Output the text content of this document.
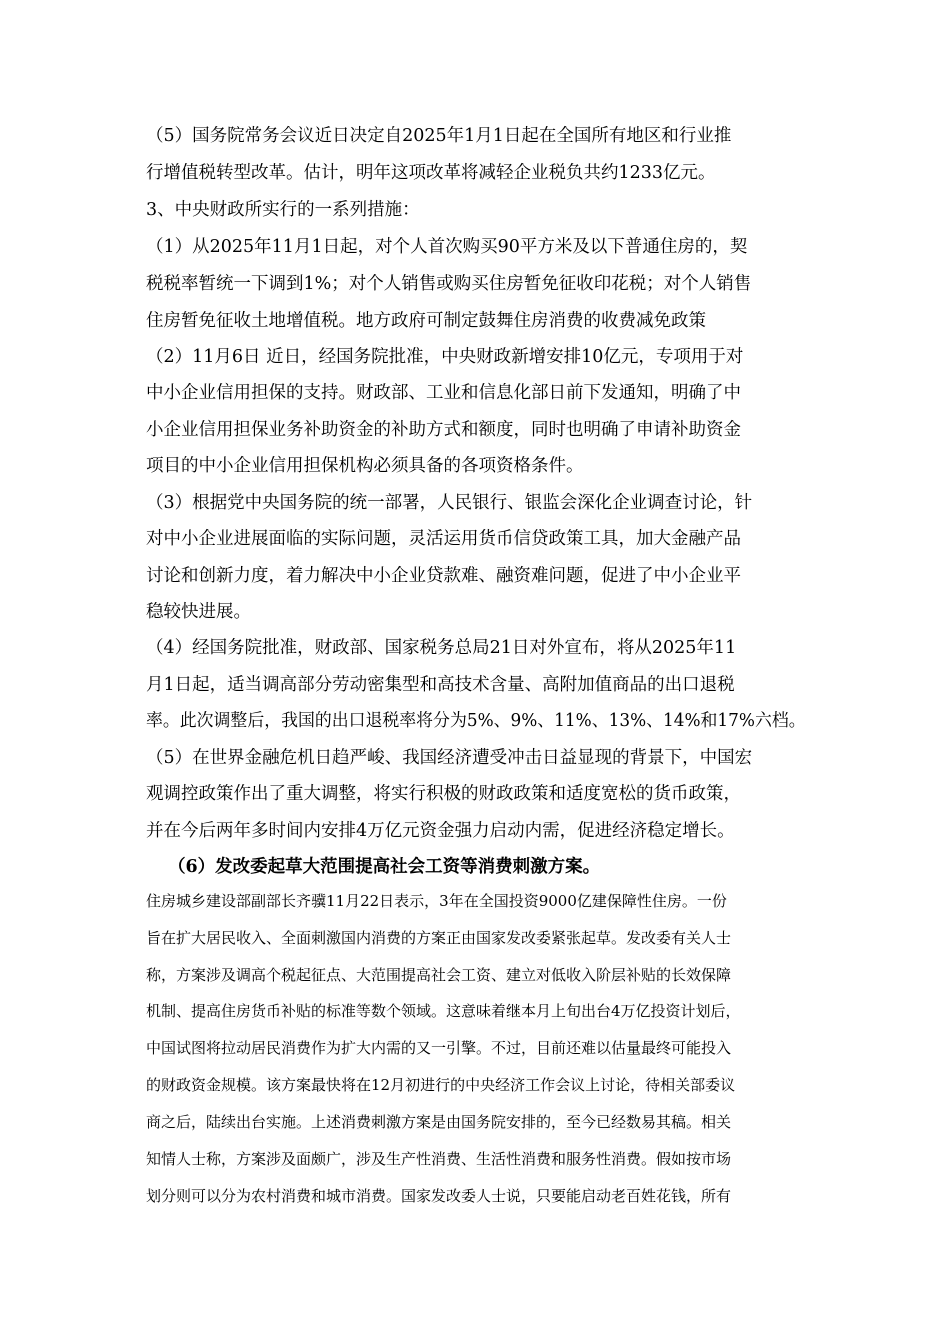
（5）国务院常务会议近日决定自2025年1月1日起在全国所有地区和行业推
行增值税转型改革。估计，明年这项改革将减轻企业税负共约1233亿元。
3、中央财政所实行的一系列措施：
（1）从2025年11月1日起，对个人首次购买90平方米及以下普通住房的，契
税税率暂统一下调到1%；对个人销售或购买住房暂免征收印花税；对个人销售
住房暂免征收土地增值税。地方政府可制定鼓舞住房消费的收费减免政策
（2）11月6日 近日，经国务院批准，中央财政新增安排10亿元，专项用于对
中小企业信用担保的支持。财政部、工业和信息化部日前下发通知，明确了中
小企业信用担保业务补助资金的补助方式和额度，同时也明确了申请补助资金
项目的中小企业信用担保机构必须具备的各项资格条件。
（3）根据党中央国务院的统一部署，人民银行、银监会深化企业调查讨论，针
对中小企业进展面临的实际问题，灵活运用货币信贷政策工具，加大金融产品
讨论和创新力度，着力解决中小企业贷款难、融资难问题，促进了中小企业平
稳较快进展。
（4）经国务院批准，财政部、国家税务总局21日对外宣布，将从2025年11
月1日起，适当调高部分劳动密集型和高技术含量、高附加值商品的出口退税
率。此次调整后，我国的出口退税率将分为5%、9%、11%、13%、14%和17%六档。
（5）在世界金融危机日趋严峻、我国经济遭受冲击日益显现的背景下，中国宏
观调控政策作出了重大调整，将实行积极的财政政策和适度宽松的货币政策，
并在今后两年多时间内安排4万亿元资金强力启动内需，促进经济稳定增长。
（6）发改委起草大范围提高社会工资等消费刺激方案。
住房城乡建设部副部长齐骥11月22日表示，3年在全国投资9000亿建保障性住房。一份
旨在扩大居民收入、全面刺激国内消费的方案正由国家发改委紧张起草。发改委有关人士
称，方案涉及调高个税起征点、大范围提高社会工资、建立对低收入阶层补贴的长效保障
机制、提高住房货币补贴的标准等数个领域。这意味着继本月上旬出台4万亿投资计划后，
中国试图将拉动居民消费作为扩大内需的又一引擎。不过，目前还难以估量最终可能投入
的财政资金规模。该方案最快将在12月初进行的中央经济工作会议上讨论，待相关部委议
商之后，陆续出台实施。上述消费刺激方案是由国务院安排的，至今已经数易其稿。相关
知情人士称，方案涉及面颇广，涉及生产性消费、生活性消费和服务性消费。假如按市场
划分则可以分为农村消费和城市消费。国家发改委人士说，只要能启动老百姓花钱，所有
